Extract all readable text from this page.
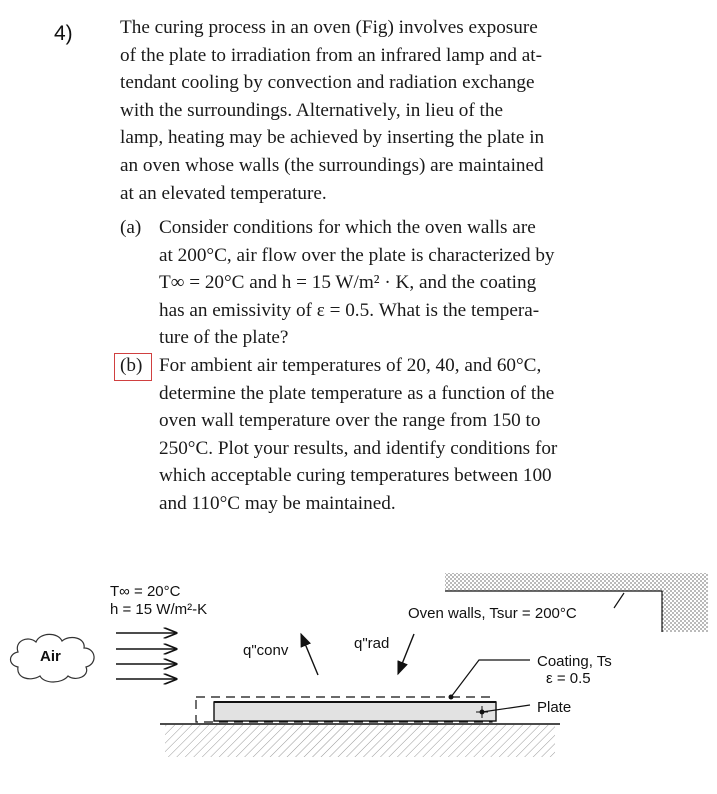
4) The curing process in an oven (Fig) involves exposure
of the plate to irradiation from an infrared lamp and at-
tendant cooling by convection and radiation exchange
with the surroundings. Alternatively, in lieu of the
lamp, heating may be achieved by inserting the plate in
an oven whose walls (the surroundings) are maintained
at an elevated temperature.
(a) Consider conditions for which the oven walls are
at 200°C, air flow over the plate is characterized by
T∞ = 20°C and h = 15 W/m² · K, and the coating
has an emissivity of ε = 0.5. What is the tempera-
ture of the plate?
(b) For ambient air temperatures of 20, 40, and 60°C,
determine the plate temperature as a function of the
oven wall temperature over the range from 150 to
250°C. Plot your results, and identify conditions for
which acceptable curing temperatures between 100
and 110°C may be maintained.
Air
T∞ = 20°C
h = 15 W/m²-K
q"conv	q"rad
Oven walls, Tsur = 200°C
Coating, Ts
ε = 0.5
Plate
